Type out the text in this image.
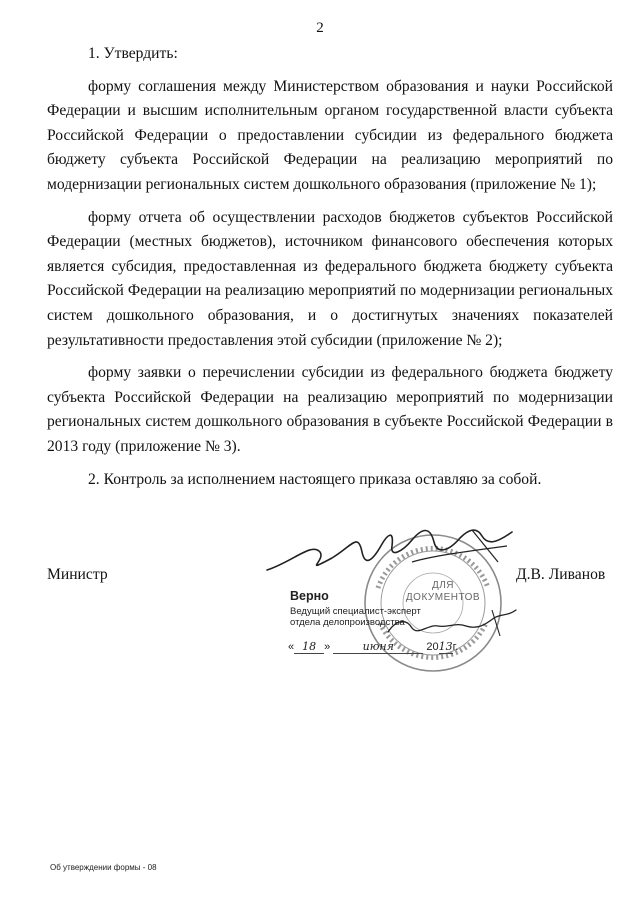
2

1. Утвердить:

форму соглашения между Министерством образования и науки Российской Федерации и высшим исполнительным органом государственной власти субъекта Российской Федерации о предоставлении субсидии из федерального бюджета бюджету субъекта Российской Федерации на реализацию мероприятий по модернизации региональных систем дошкольного образования (приложение № 1);

форму отчета об осуществлении расходов бюджетов субъектов Российской Федерации (местных бюджетов), источником финансового обеспечения которых является субсидия, предоставленная из федерального бюджета бюджету субъекта Российской Федерации на реализацию мероприятий по модернизации региональных систем дошкольного образования, и о достигнутых значениях показателей результативности предоставления этой субсидии (приложение № 2);

форму заявки о перечислении субсидии из федерального бюджета бюджету субъекта Российской Федерации на реализацию мероприятий по модернизации региональных систем дошкольного образования в субъекте Российской Федерации в 2013 году (приложение № 3).

2. Контроль за исполнением настоящего приказа оставляю за собой.

ДЛЯ
ДОКУМЕНТОВ
Министр	Д.В. Ливанов
Верно
Ведущий специалист-эксперт
отдела делопроизводства
« 18 »	июня	2013г.
Об утверждении формы - 08
